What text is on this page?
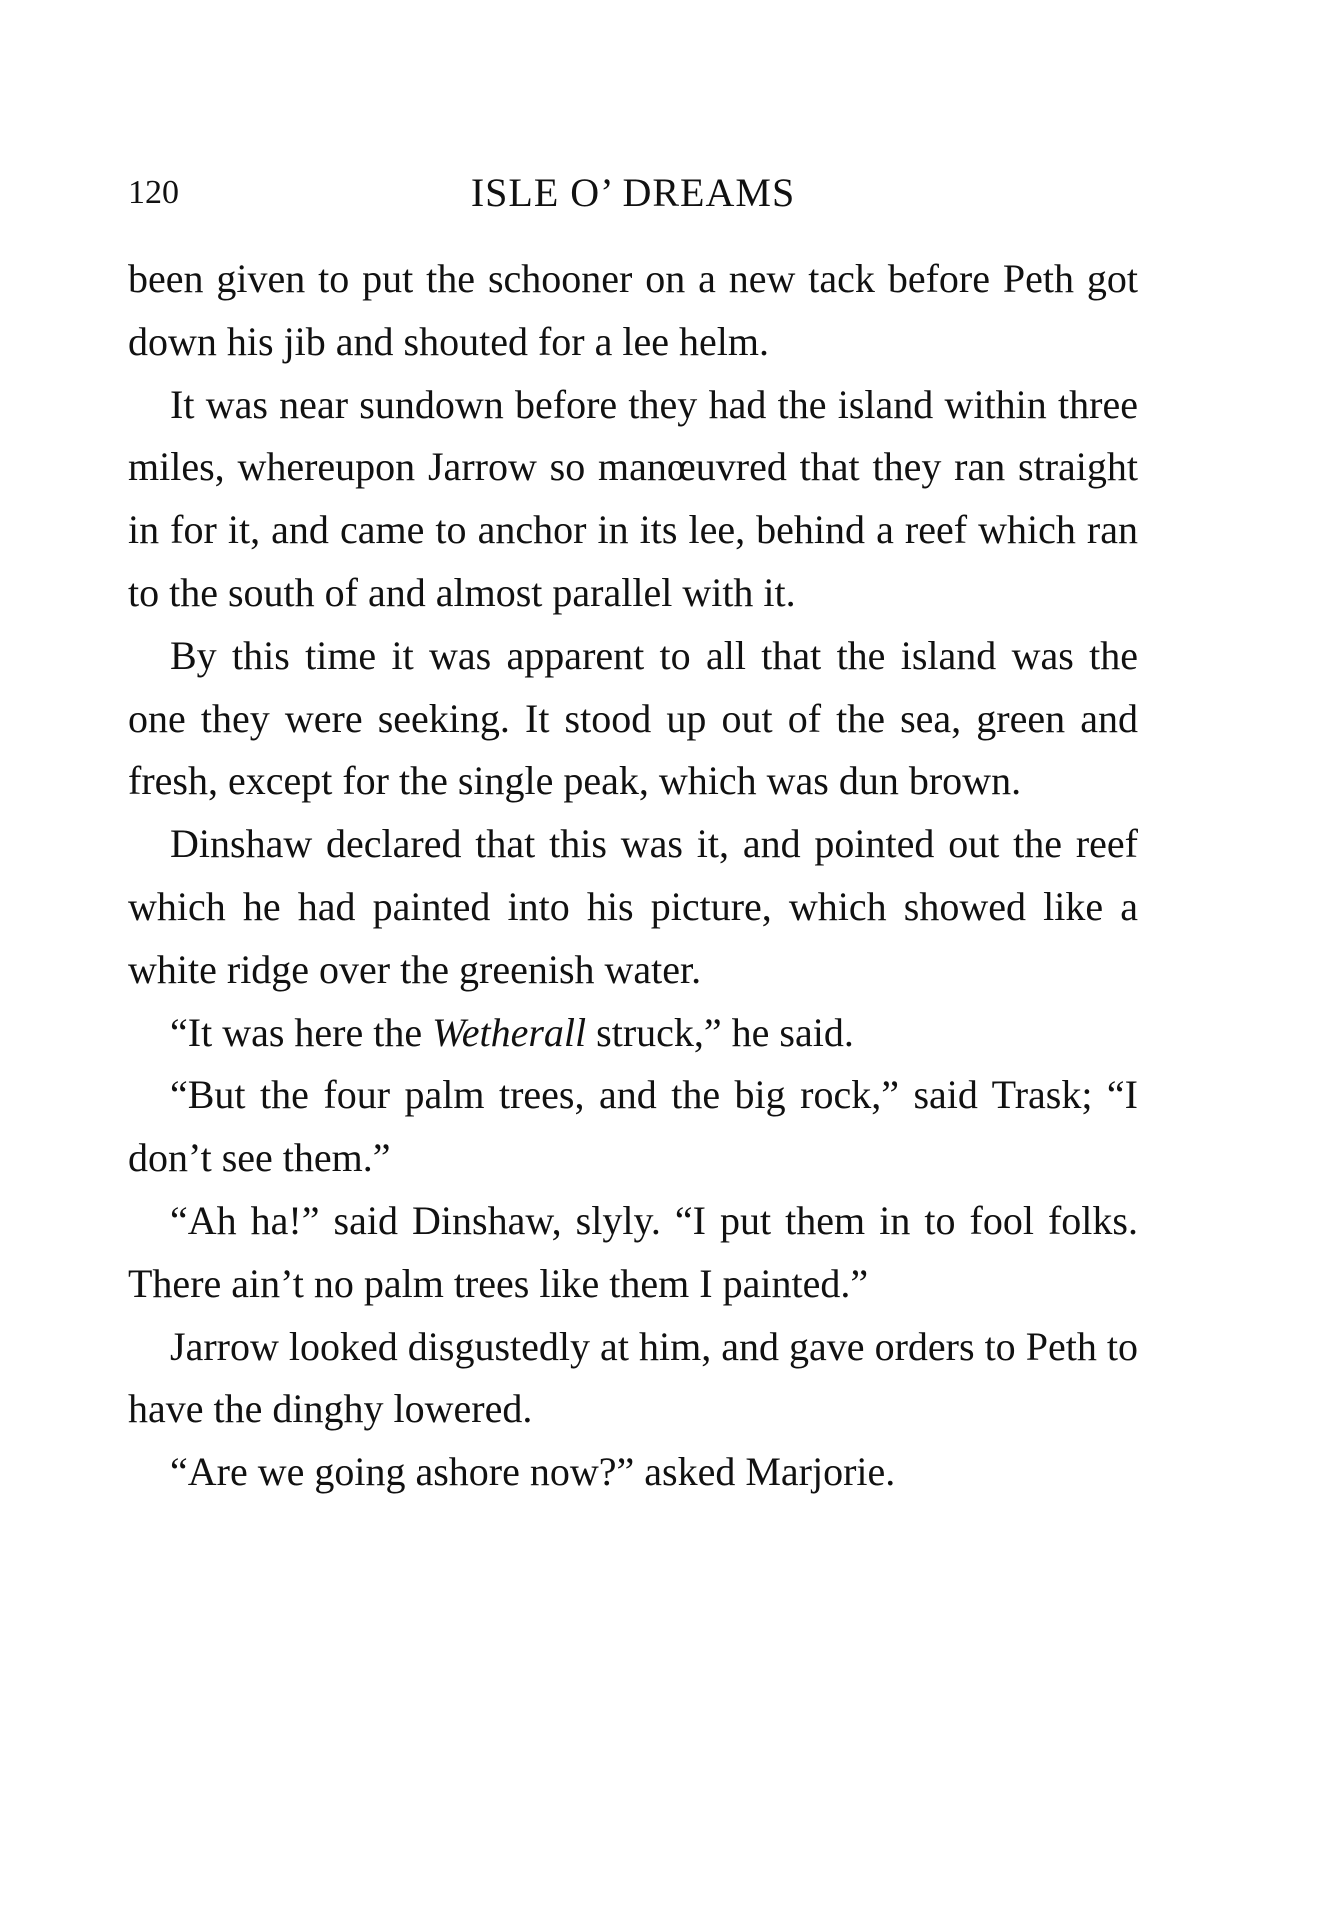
120	ISLE O’ DREAMS

been given to put the schooner on a new tack before Peth got down his jib and shouted for a lee helm.

It was near sundown before they had the island within three miles, whereupon Jarrow so manœuvred that they ran straight in for it, and came to anchor in its lee, behind a reef which ran to the south of and almost parallel with it.

By this time it was apparent to all that the island was the one they were seeking. It stood up out of the sea, green and fresh, except for the single peak, which was dun brown.

Dinshaw declared that this was it, and pointed out the reef which he had painted into his picture, which showed like a white ridge over the greenish water.

“It was here the Wetherall struck,” he said.

“But the four palm trees, and the big rock,” said Trask; “I don’t see them.”

“Ah ha!” said Dinshaw, slyly. “I put them in to fool folks. There ain’t no palm trees like them I painted.”

Jarrow looked disgustedly at him, and gave orders to Peth to have the dinghy lowered.

“Are we going ashore now?” asked Marjorie.
